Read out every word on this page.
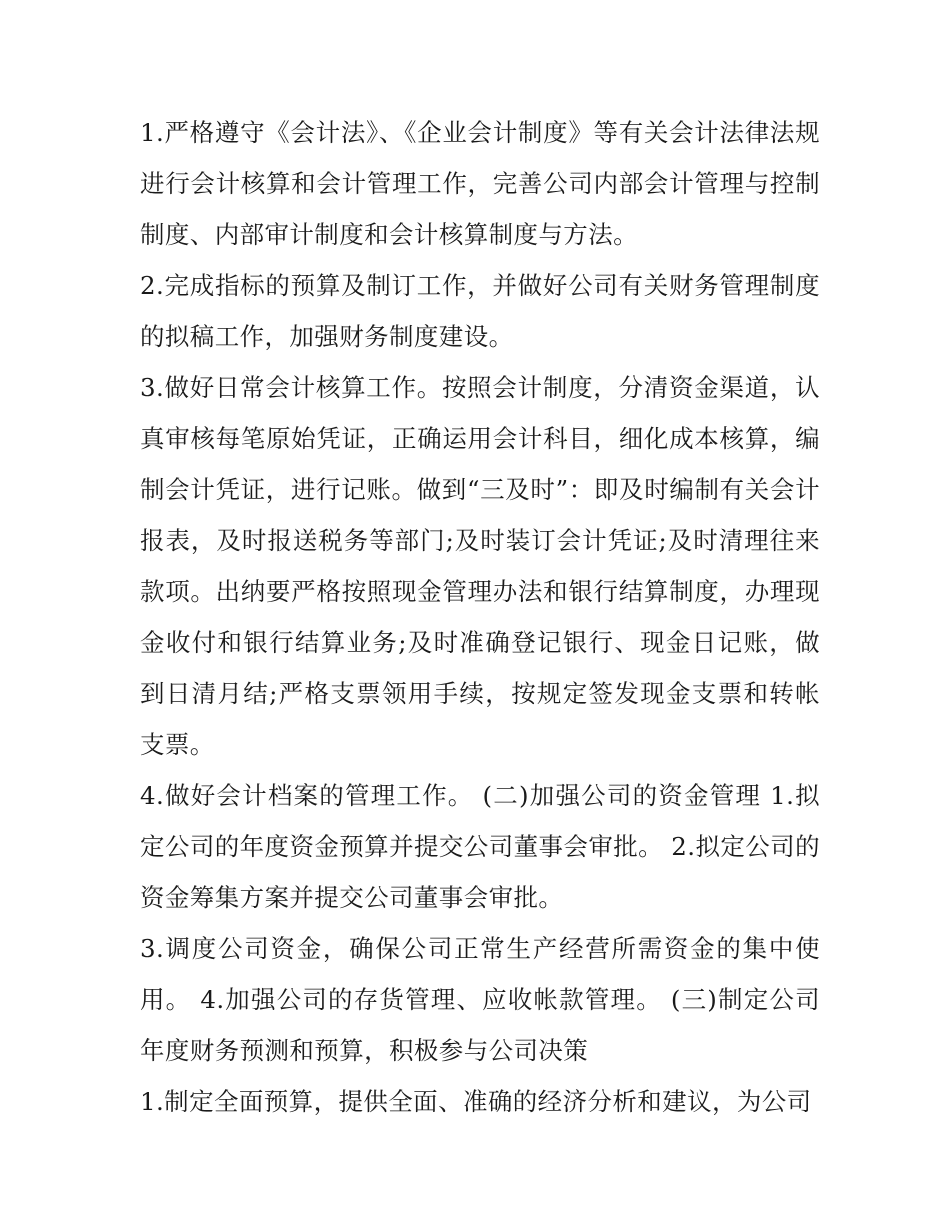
1.严格遵守《会计法》、《企业会计制度》等有关会计法律法规进行会计核算和会计管理工作，完善公司内部会计管理与控制制度、内部审计制度和会计核算制度与方法。

2.完成指标的预算及制订工作，并做好公司有关财务管理制度的拟稿工作，加强财务制度建设。

3.做好日常会计核算工作。按照会计制度，分清资金渠道，认真审核每笔原始凭证，正确运用会计科目，细化成本核算，编制会计凭证，进行记账。做到“三及时”：即及时编制有关会计报表，及时报送税务等部门;及时装订会计凭证;及时清理往来款项。出纳要严格按照现金管理办法和银行结算制度，办理现金收付和银行结算业务;及时准确登记银行、现金日记账，做到日清月结;严格支票领用手续，按规定签发现金支票和转帐支票。

4.做好会计档案的管理工作。 (二)加强公司的资金管理 1.拟定公司的年度资金预算并提交公司董事会审批。 2.拟定公司的资金筹集方案并提交公司董事会审批。

3.调度公司资金，确保公司正常生产经营所需资金的集中使用。 4.加强公司的存货管理、应收帐款管理。 (三)制定公司年度财务预测和预算，积极参与公司决策

1.制定全面预算，提供全面、准确的经济分析和建议，为公司
